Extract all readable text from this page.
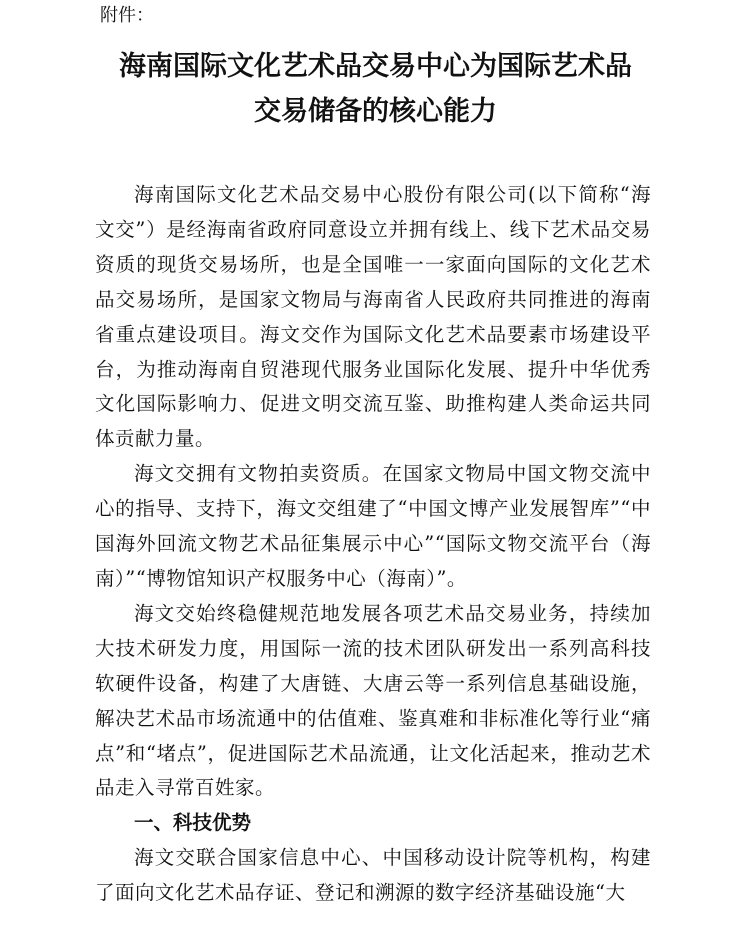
附件：

海南国际文化艺术品交易中心为国际艺术品
交易储备的核心能力

海南国际文化艺术品交易中心股份有限公司(以下简称“海文交”）是经海南省政府同意设立并拥有线上、线下艺术品交易资质的现货交易场所，也是全国唯一一家面向国际的文化艺术品交易场所，是国家文物局与海南省人民政府共同推进的海南省重点建设项目。海文交作为国际文化艺术品要素市场建设平台，为推动海南自贸港现代服务业国际化发展、提升中华优秀文化国际影响力、促进文明交流互鉴、助推构建人类命运共同体贡献力量。

海文交拥有文物拍卖资质。在国家文物局中国文物交流中心的指导、支持下，海文交组建了“中国文博产业发展智库”“中国海外回流文物艺术品征集展示中心”“国际文物交流平台（海南）”“博物馆知识产权服务中心（海南）”。

海文交始终稳健规范地发展各项艺术品交易业务，持续加大技术研发力度，用国际一流的技术团队研发出一系列高科技软硬件设备，构建了大唐链、大唐云等一系列信息基础设施，解决艺术品市场流通中的估值难、鉴真难和非标准化等行业“痛点”和“堵点”，促进国际艺术品流通，让文化活起来，推动艺术品走入寻常百姓家。

一、科技优势

海文交联合国家信息中心、中国移动设计院等机构，构建了面向文化艺术品存证、登记和溯源的数字经济基础设施“大
